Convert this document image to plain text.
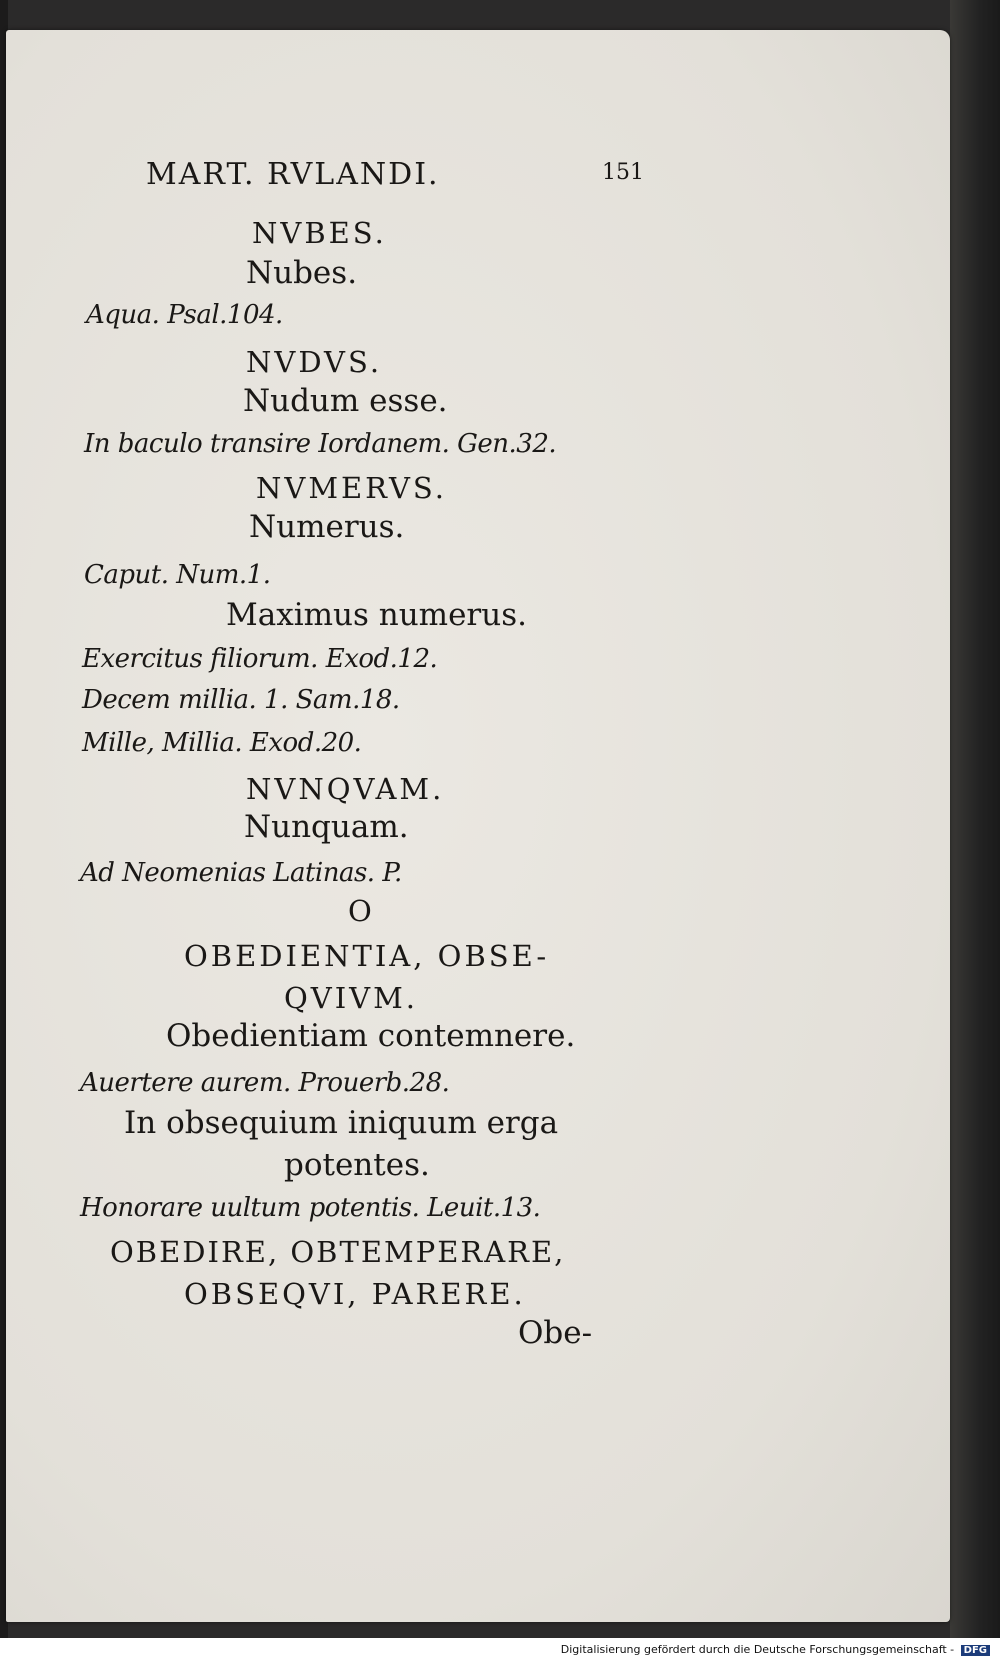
MART. RVLANDI.	151
NVBES.
Nubes.
Aqua. Psal.104.
NVDVS.
Nudum esse.
In baculo transire Iordanem. Gen.32.
NVMERVS.
Numerus.
Caput. Num.1.
Maximus numerus.
Exercitus filiorum. Exod.12.
Decem millia. 1. Sam.18.
Mille, Millia. Exod.20.
NVNQVAM.
Nunquam.
Ad Neomenias Latinas. P.
O
OBEDIENTIA, OBSE-
QVIVM.
Obedientiam contemnere.
Auertere aurem. Prouerb.28.
In obsequium iniquum erga
potentes.
Honorare uultum potentis. Leuit.13.
OBEDIRE, OBTEMPERARE,
OBSEQVI, PARERE.
Obe-
Digitalisierung gefördert durch die Deutsche Forschungsgemeinschaft - DFG
